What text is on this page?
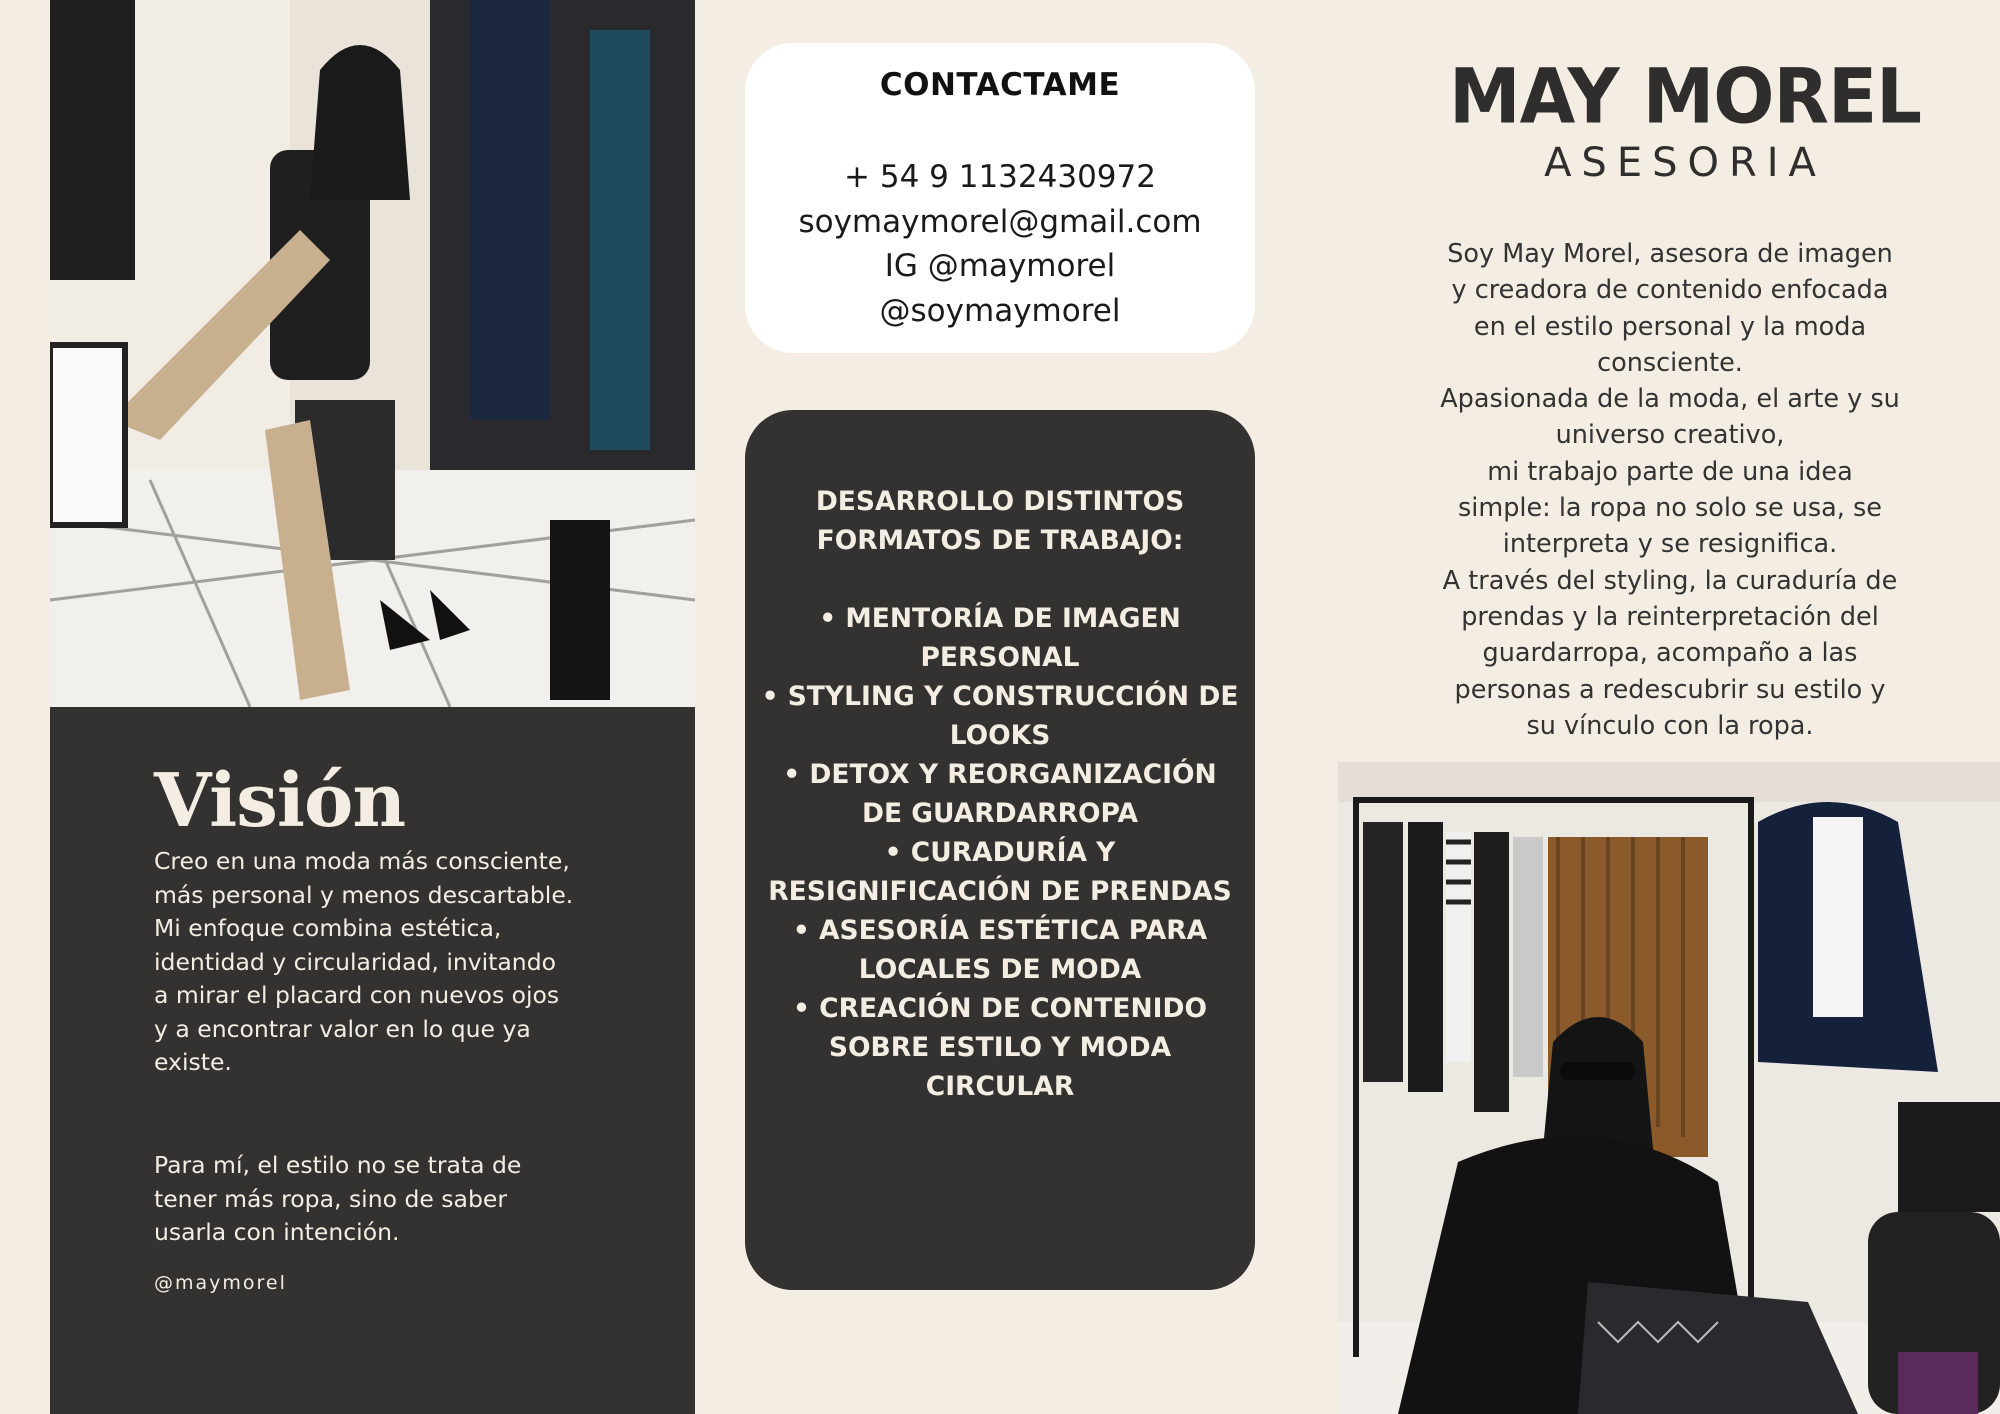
Visión
Creo en una moda más consciente, más personal y menos descartable. Mi enfoque combina estética, identidad y circularidad, invitando a mirar el placard con nuevos ojos y a encontrar valor en lo que ya existe.
Para mí, el estilo no se trata de tener más ropa, sino de saber usarla con intención.
@maymorel
CONTACTAME
+ 54 9 1132430972
soymaymorel@gmail.com
IG @maymorel
@soymaymorel
DESARROLLO DISTINTOS FORMATOS DE TRABAJO:
• MENTORÍA DE IMAGEN PERSONAL
• STYLING Y CONSTRUCCIÓN DE LOOKS
• DETOX Y REORGANIZACIÓN DE GUARDARROPA
• CURADURÍA Y RESIGNIFICACIÓN DE PRENDAS
• ASESORÍA ESTÉTICA PARA LOCALES DE MODA
• CREACIÓN DE CONTENIDO SOBRE ESTILO Y MODA CIRCULAR
MAY MOREL
ASESORIA
Soy May Morel, asesora de imagen
y creadora de contenido enfocada
en el estilo personal y la moda
consciente.
Apasionada de la moda, el arte y su
universo creativo,
mi trabajo parte de una idea
simple: la ropa no solo se usa, se
interpreta y se resignifica.
A través del styling, la curaduría de
prendas y la reinterpretación del
guardarropa, acompaño a las
personas a redescubrir su estilo y
su vínculo con la ropa.
